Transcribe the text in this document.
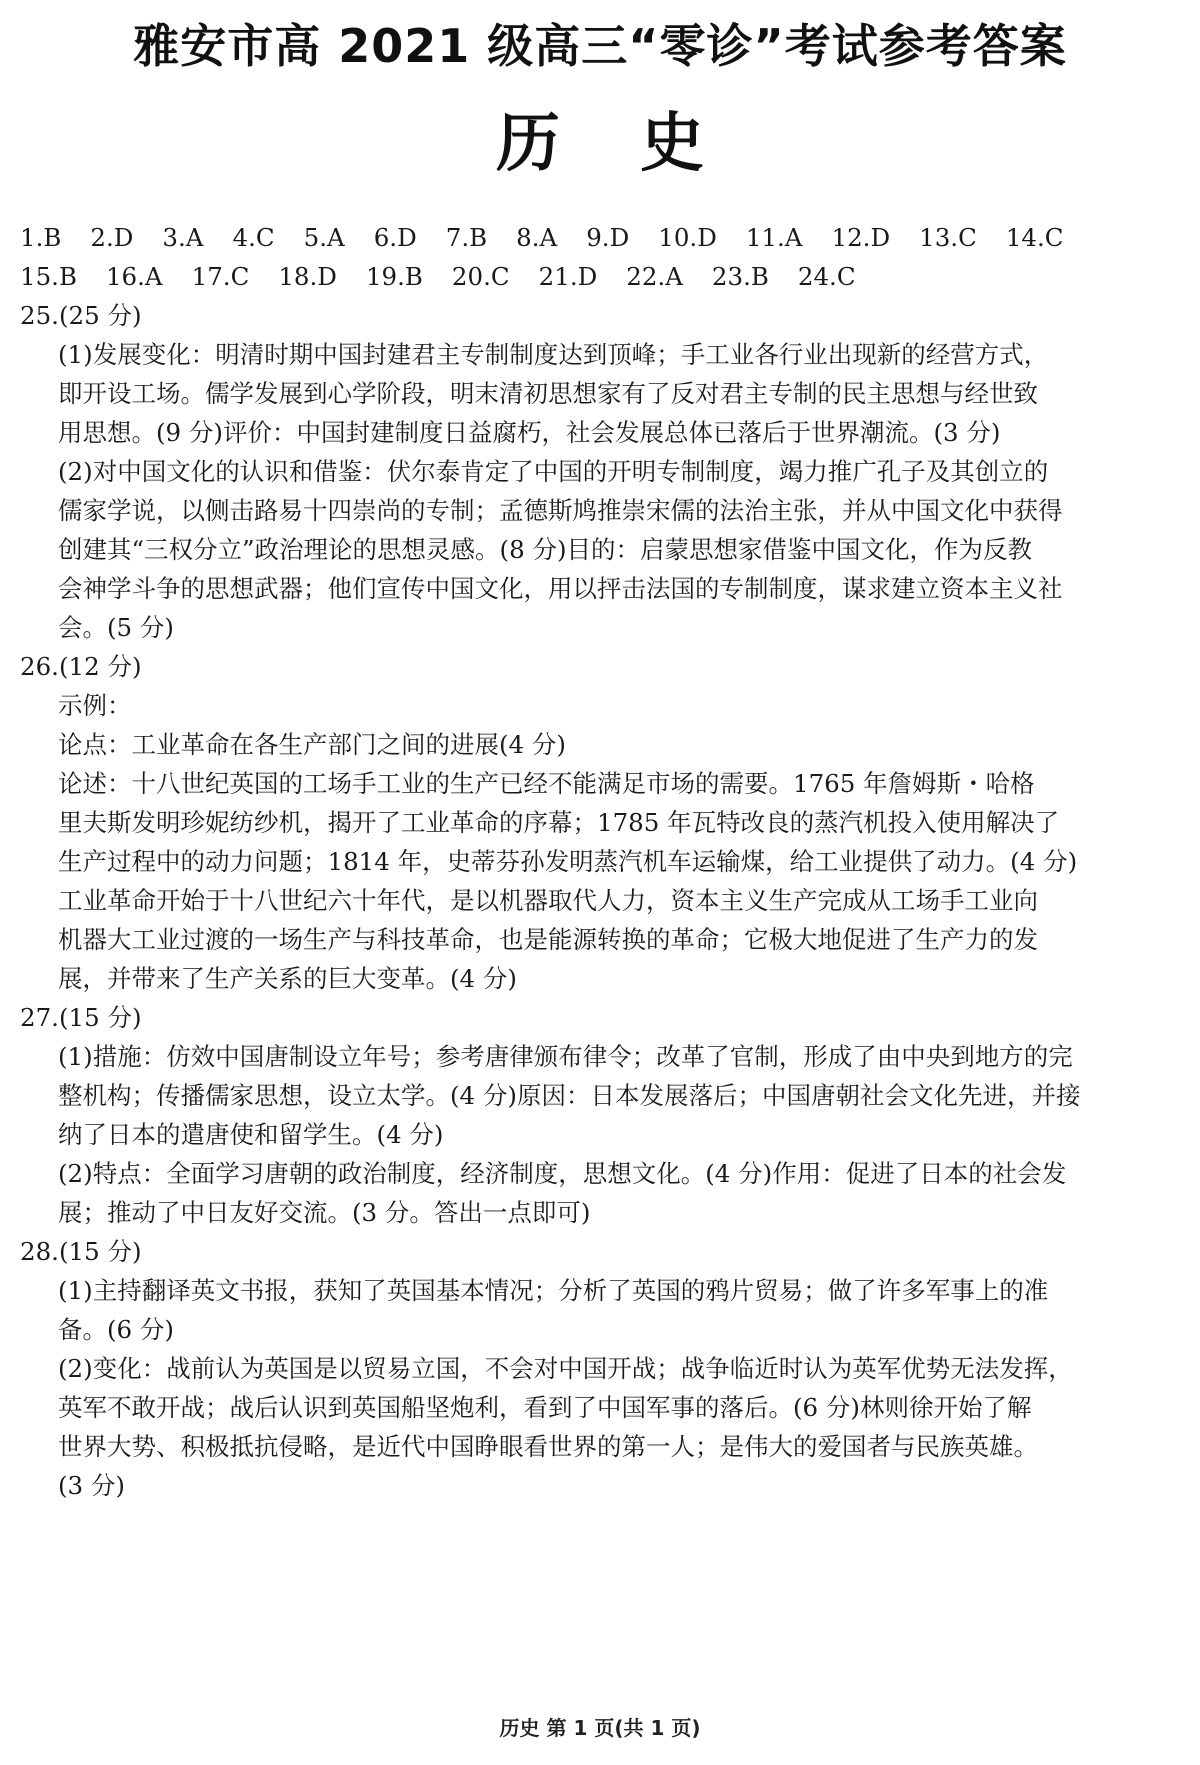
雅安市高 2021 级高三“零诊”考试参考答案
历史
1.B 2.D 3.A 4.C 5.A 6.D 7.B 8.A 9.D 10.D 11.A 12.D 13.C 14.C
15.B 16.A 17.C 18.D 19.B 20.C 21.D 22.A 23.B 24.C
25.(25 分)
(1)发展变化：明清时期中国封建君主专制制度达到顶峰；手工业各行业出现新的经营方式，
即开设工场。儒学发展到心学阶段，明末清初思想家有了反对君主专制的民主思想与经世致
用思想。(9 分)评价：中国封建制度日益腐朽，社会发展总体已落后于世界潮流。(3 分)
(2)对中国文化的认识和借鉴：伏尔泰肯定了中国的开明专制制度，竭力推广孔子及其创立的
儒家学说，以侧击路易十四崇尚的专制；孟德斯鸠推崇宋儒的法治主张，并从中国文化中获得
创建其“三权分立”政治理论的思想灵感。(8 分)目的：启蒙思想家借鉴中国文化，作为反教
会神学斗争的思想武器；他们宣传中国文化，用以抨击法国的专制制度，谋求建立资本主义社
会。(5 分)
26.(12 分)
示例：
论点：工业革命在各生产部门之间的进展(4 分)
论述：十八世纪英国的工场手工业的生产已经不能满足市场的需要。1765 年詹姆斯・哈格
里夫斯发明珍妮纺纱机，揭开了工业革命的序幕；1785 年瓦特改良的蒸汽机投入使用解决了
生产过程中的动力问题；1814 年，史蒂芬孙发明蒸汽机车运输煤，给工业提供了动力。(4 分)
工业革命开始于十八世纪六十年代，是以机器取代人力，资本主义生产完成从工场手工业向
机器大工业过渡的一场生产与科技革命，也是能源转换的革命；它极大地促进了生产力的发
展，并带来了生产关系的巨大变革。(4 分)
27.(15 分)
(1)措施：仿效中国唐制设立年号；参考唐律颁布律令；改革了官制，形成了由中央到地方的完
整机构；传播儒家思想，设立太学。(4 分)原因：日本发展落后；中国唐朝社会文化先进，并接
纳了日本的遣唐使和留学生。(4 分)
(2)特点：全面学习唐朝的政治制度，经济制度，思想文化。(4 分)作用：促进了日本的社会发
展；推动了中日友好交流。(3 分。答出一点即可)
28.(15 分)
(1)主持翻译英文书报，获知了英国基本情况；分析了英国的鸦片贸易；做了许多军事上的准
备。(6 分)
(2)变化：战前认为英国是以贸易立国，不会对中国开战；战争临近时认为英军优势无法发挥，
英军不敢开战；战后认识到英国船坚炮利，看到了中国军事的落后。(6 分)林则徐开始了解
世界大势、积极抵抗侵略，是近代中国睁眼看世界的第一人；是伟大的爱国者与民族英雄。
(3 分)
历史 第 1 页(共 1 页)
